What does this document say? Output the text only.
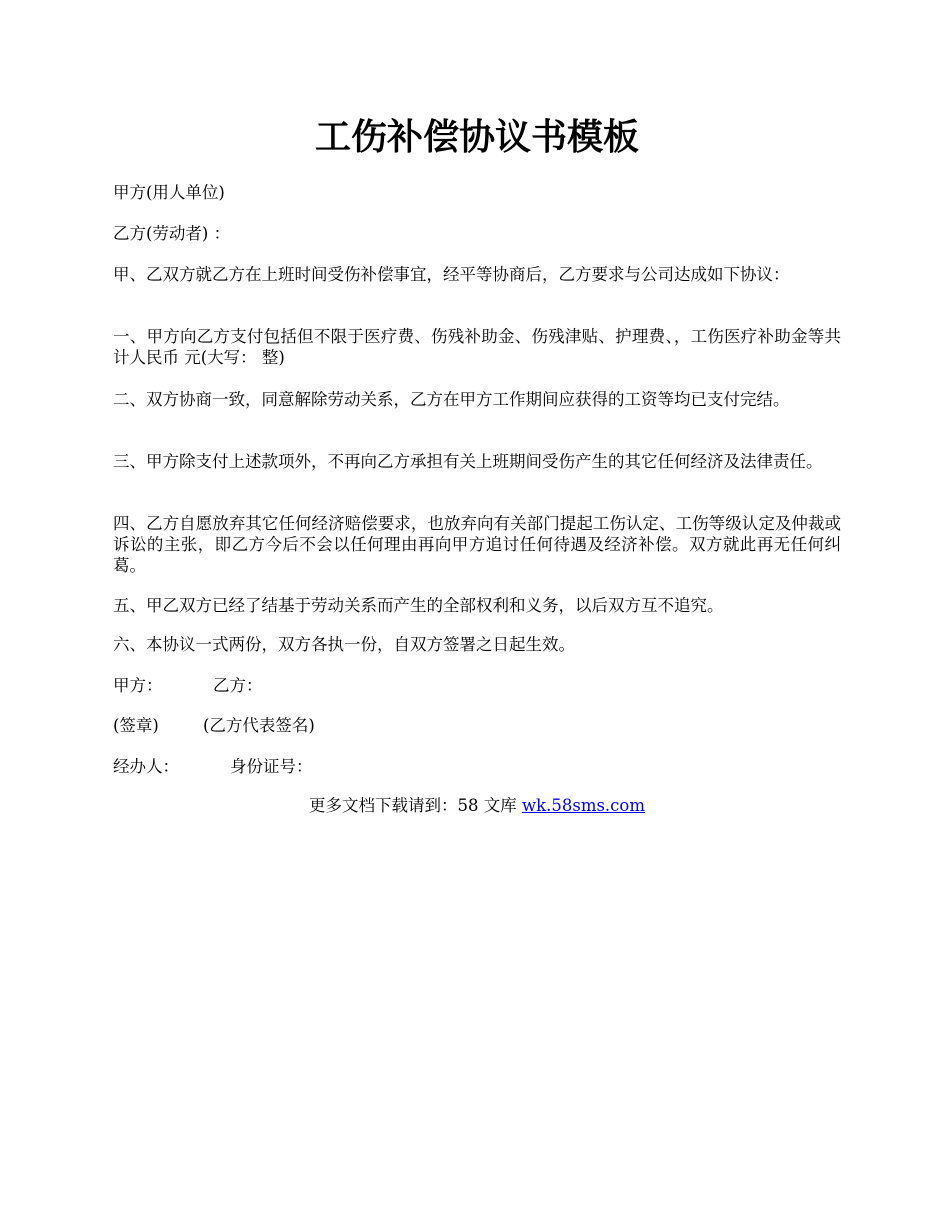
工伤补偿协议书模板

甲方(用人单位)

乙方(劳动者) ：

甲、乙双方就乙方在上班时间受伤补偿事宜，经平等协商后，乙方要求与公司达成如下协议：

一、甲方向乙方支付包括但不限于医疗费、伤残补助金、伤残津贴、护理费、，工伤医疗补助金等共计人民币 元(大写： 整)

二、双方协商一致，同意解除劳动关系，乙方在甲方工作期间应获得的工资等均已支付完结。

三、甲方除支付上述款项外，不再向乙方承担有关上班期间受伤产生的其它任何经济及法律责任。

四、乙方自愿放弃其它任何经济赔偿要求，也放弃向有关部门提起工伤认定、工伤等级认定及仲裁或诉讼的主张，即乙方今后不会以任何理由再向甲方追讨任何待遇及经济补偿。双方就此再无任何纠葛。

五、甲乙双方已经了结基于劳动关系而产生的全部权利和义务，以后双方互不追究。

六、本协议一式两份，双方各执一份，自双方签署之日起生效。

甲方：	乙方：
(签章)	(乙方代表签名)
经办人：	身份证号：
更多文档下载请到：58 文库 wk.58sms.com
